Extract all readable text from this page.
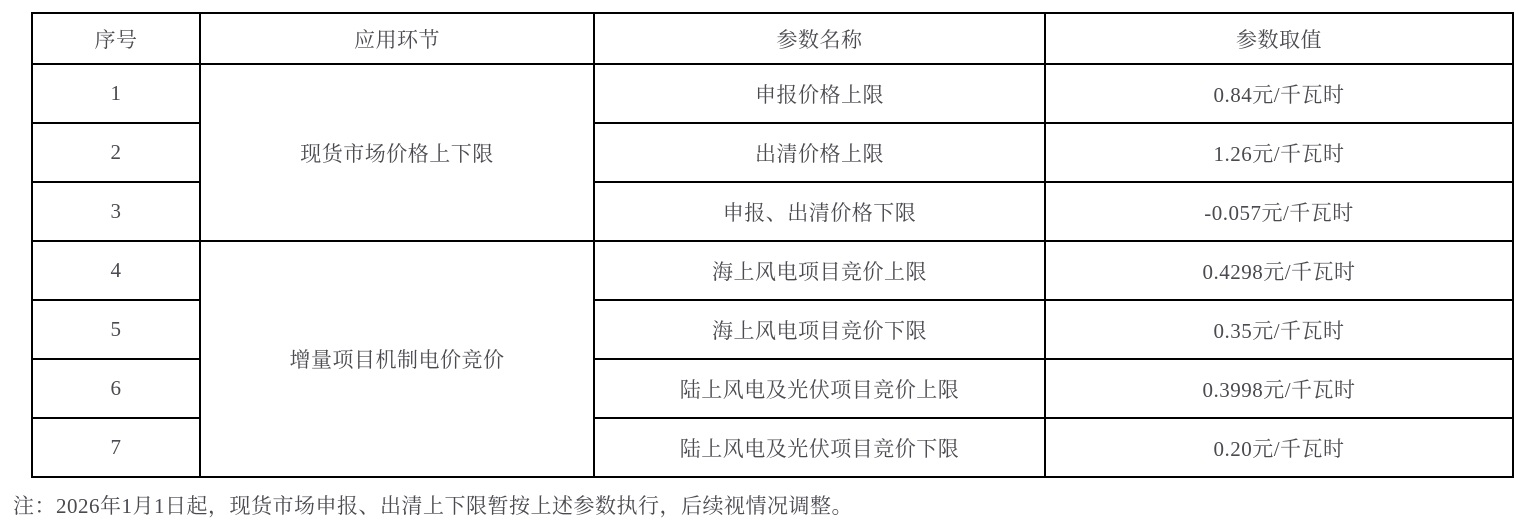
序号	应用环节	参数名称	参数取值
1	现货市场价格上下限	申报价格上限	0.84元/千瓦时
2		出清价格上限	1.26元/千瓦时
3		申报、出清价格下限	-0.057元/千瓦时
4	增量项目机制电价竞价	海上风电项目竞价上限	0.4298元/千瓦时
5		海上风电项目竞价下限	0.35元/千瓦时
6		陆上风电及光伏项目竞价上限	0.3998元/千瓦时
7		陆上风电及光伏项目竞价下限	0.20元/千瓦时
注：2026年1月1日起，现货市场申报、出清上下限暂按上述参数执行，后续视情况调整。
